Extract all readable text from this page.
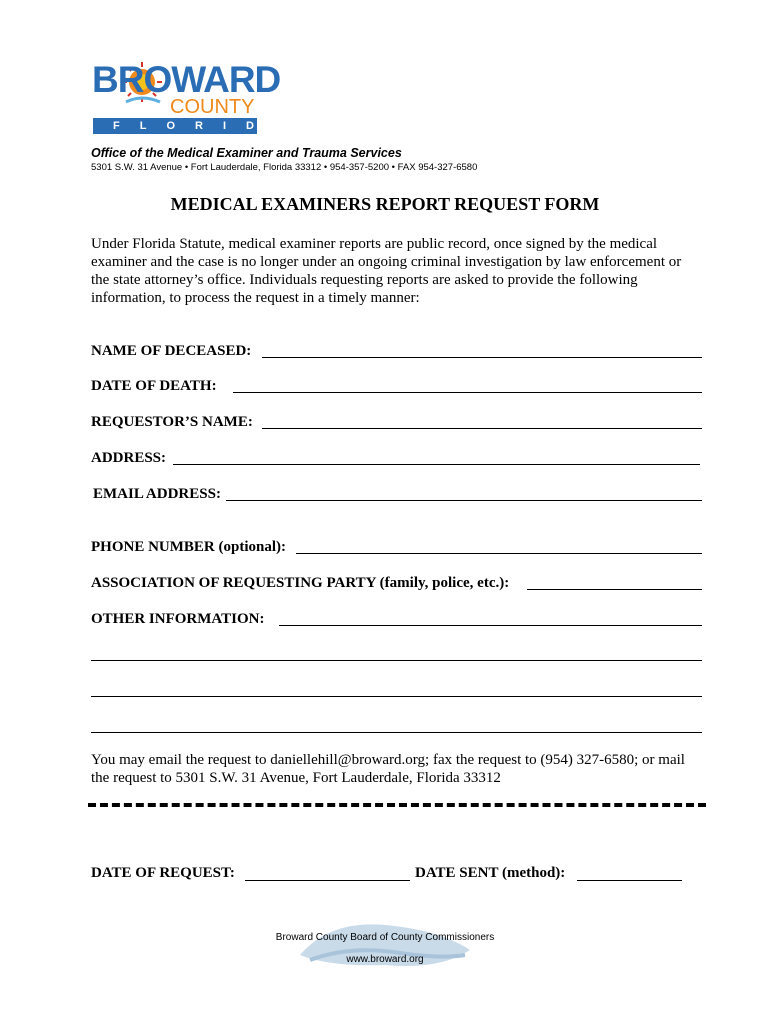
BROWARD
COUNTY
FLORIDA
Office of the Medical Examiner and Trauma Services
5301 S.W. 31 Avenue • Fort Lauderdale, Florida 33312 • 954-357-5200 • FAX 954-327-6580
MEDICAL EXAMINERS REPORT REQUEST FORM
Under Florida Statute, medical examiner reports are public record, once signed by the medical examiner and the case is no longer under an ongoing criminal investigation by law enforcement or the state attorney’s office. Individuals requesting reports are asked to provide the following information, to process the request in a timely manner:
NAME OF DECEASED:
DATE OF DEATH:
REQUESTOR’S NAME:
ADDRESS:
EMAIL ADDRESS:
PHONE NUMBER (optional):
ASSOCIATION OF REQUESTING PARTY (family, police, etc.):
OTHER INFORMATION:
You may email the request to daniellehill@broward.org; fax the request to (954) 327-6580; or mail the request to 5301 S.W. 31 Avenue, Fort Lauderdale, Florida 33312
DATE OF REQUEST:	DATE SENT (method):
Broward County Board of County Commissioners
www.broward.org
